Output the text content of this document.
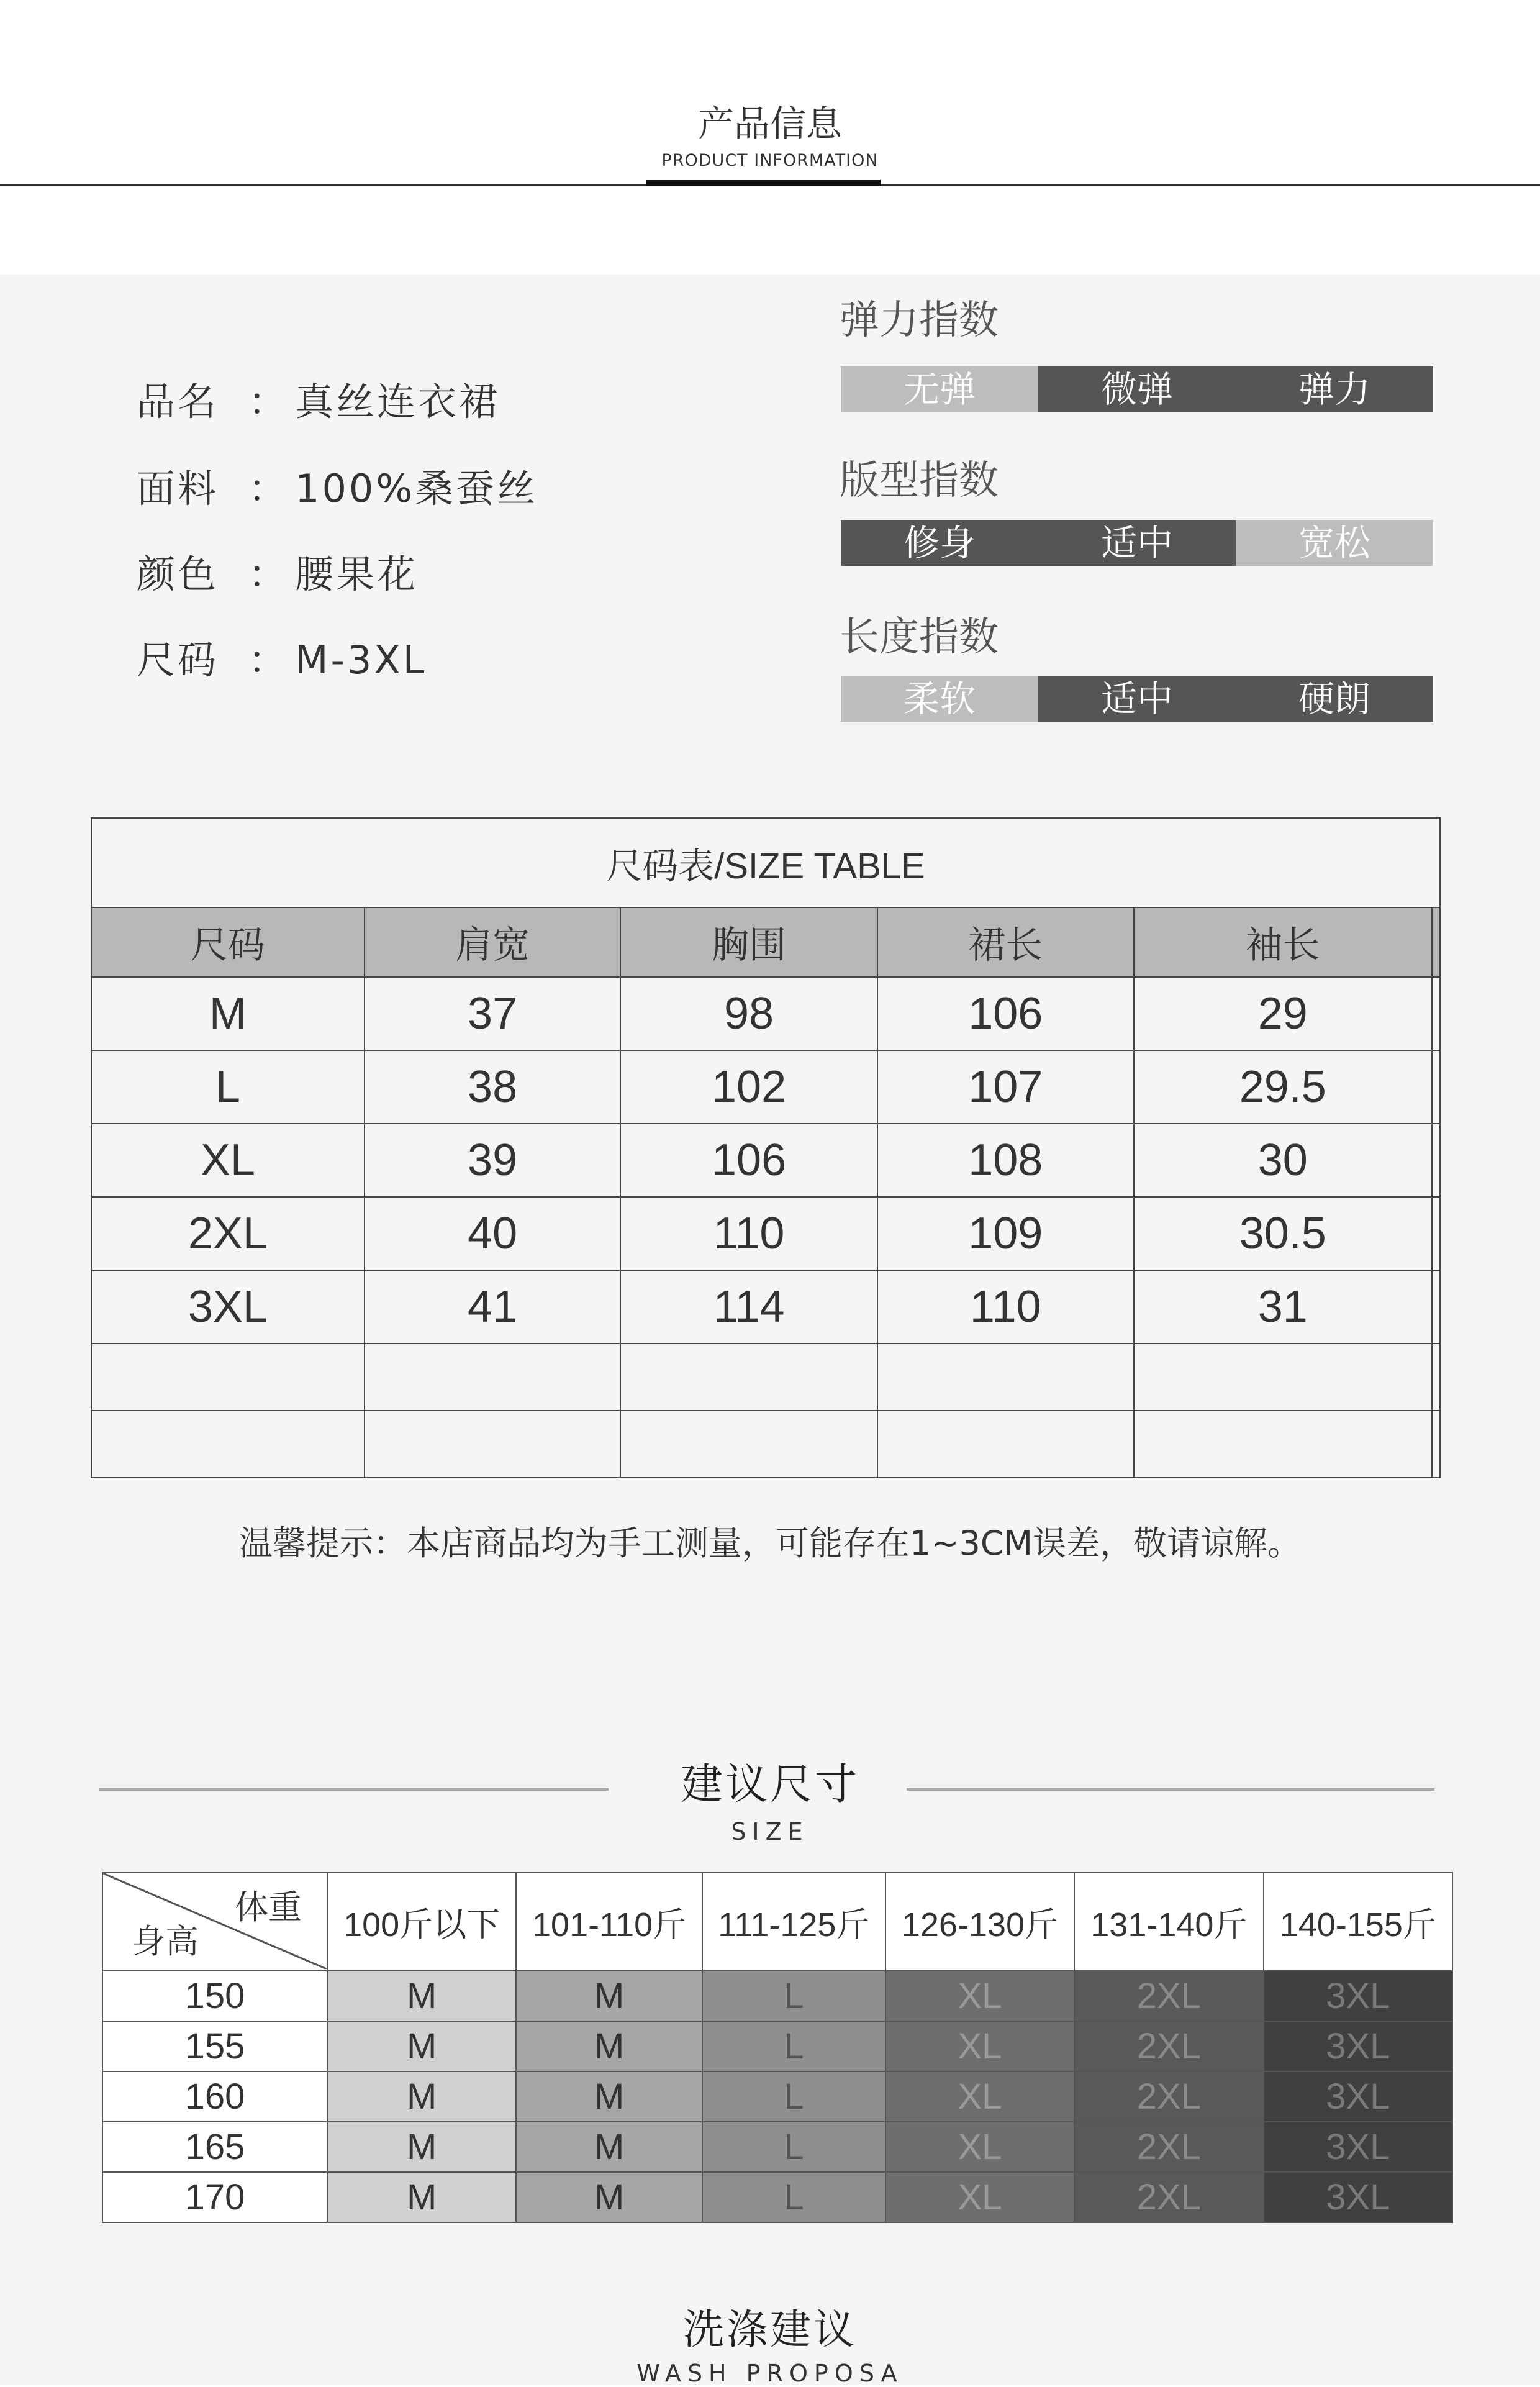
产品信息
PRODUCT INFORMATION
品名 ： 真丝连衣裙
面料 ： 100%桑蚕丝
颜色 ： 腰果花
尺码 ： M-3XL
弹力指数
无弹	微弹	弹力
版型指数
修身	适中	宽松
长度指数
柔软	适中	硬朗
尺码表/SIZE TABLE					
尺码	肩宽	胸围	裙长	袖长	
M	37	98	106	29	
L	38	102	107	29.5	
XL	39	106	108	30	
2XL	40	110	109	30.5	
3XL	41	114	110	31	

温馨提示：本店商品均为手工测量，可能存在1~3CM误差，敬请谅解。
建议尺寸
SIZE
体重
身高	100斤以下	101-110斤	111-125斤	126-130斤	131-140斤	140-155斤
150	M	M	L	XL	2XL	3XL
155	M	M	L	XL	2XL	3XL
160	M	M	L	XL	2XL	3XL
165	M	M	L	XL	2XL	3XL
170	M	M	L	XL	2XL	3XL
洗涤建议
WASH PROPOSA
